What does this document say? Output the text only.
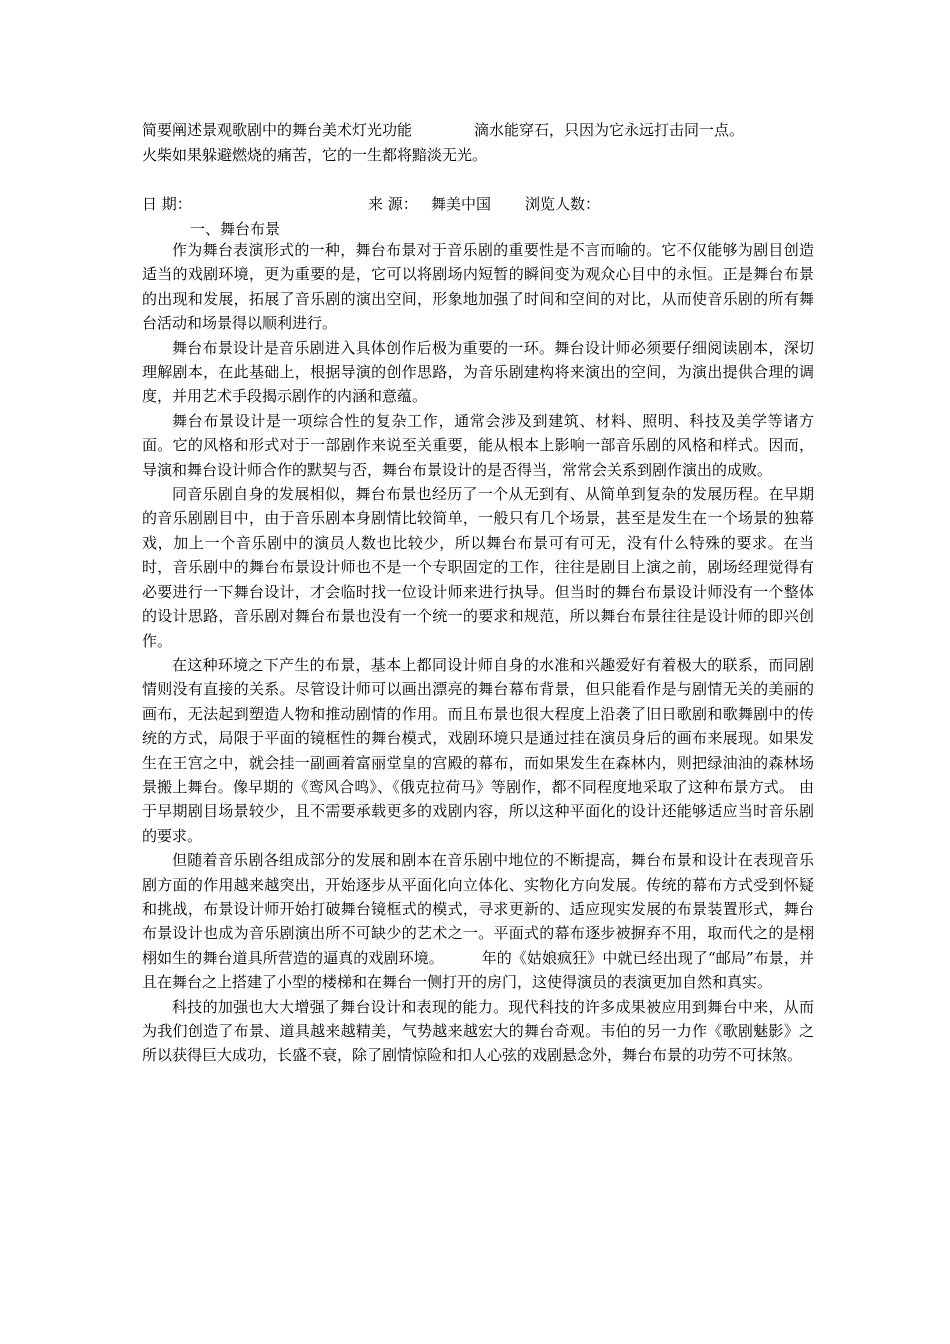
简要阐述景观歌剧中的舞台美术灯光功能	滴水能穿石，只因为它永远打击同一点。
火柴如果躲避燃烧的痛苦，它的一生都将黯淡无光。
日 期：	来 源： 舞美中国 浏览人数：
一、舞台布景

作为舞台表演形式的一种，舞台布景对于音乐剧的重要性是不言而喻的。它不仅能够为剧目创造适当的戏剧环境，更为重要的是，它可以将剧场内短暂的瞬间变为观众心目中的永恒。正是舞台布景的出现和发展，拓展了音乐剧的演出空间，形象地加强了时间和空间的对比，从而使音乐剧的所有舞台活动和场景得以顺利进行。

舞台布景设计是音乐剧进入具体创作后极为重要的一环。舞台设计师必须要仔细阅读剧本，深切理解剧本，在此基础上，根据导演的创作思路，为音乐剧建构将来演出的空间，为演出提供合理的调度，并用艺术手段揭示剧作的内涵和意蕴。

舞台布景设计是一项综合性的复杂工作，通常会涉及到建筑、材料、照明、科技及美学等诸方面。它的风格和形式对于一部剧作来说至关重要，能从根本上影响一部音乐剧的风格和样式。因而，导演和舞台设计师合作的默契与否，舞台布景设计的是否得当，常常会关系到剧作演出的成败。

同音乐剧自身的发展相似，舞台布景也经历了一个从无到有、从简单到复杂的发展历程。在早期的音乐剧剧目中，由于音乐剧本身剧情比较简单，一般只有几个场景，甚至是发生在一个场景的独幕戏，加上一个音乐剧中的演员人数也比较少，所以舞台布景可有可无，没有什么特殊的要求。在当时，音乐剧中的舞台布景设计师也不是一个专职固定的工作，往往是剧目上演之前，剧场经理觉得有必要进行一下舞台设计，才会临时找一位设计师来进行执导。但当时的舞台布景设计师没有一个整体的设计思路，音乐剧对舞台布景也没有一个统一的要求和规范，所以舞台布景往往是设计师的即兴创作。

在这种环境之下产生的布景，基本上都同设计师自身的水准和兴趣爱好有着极大的联系，而同剧情则没有直接的关系。尽管设计师可以画出漂亮的舞台幕布背景，但只能看作是与剧情无关的美丽的画布，无法起到塑造人物和推动剧情的作用。而且布景也很大程度上沿袭了旧日歌剧和歌舞剧中的传统的方式，局限于平面的镜框性的舞台模式，戏剧环境只是通过挂在演员身后的画布来展现。如果发生在王宫之中，就会挂一副画着富丽堂皇的宫殿的幕布，而如果发生在森林内，则把绿油油的森林场景搬上舞台。像早期的《鸾风合鸣》、《俄克拉荷马》等剧作，都不同程度地采取了这种布景方式。 由于早期剧目场景较少，且不需要承载更多的戏剧内容，所以这种平面化的设计还能够适应当时音乐剧的要求。

但随着音乐剧各组成部分的发展和剧本在音乐剧中地位的不断提高，舞台布景和设计在表现音乐剧方面的作用越来越突出，开始逐步从平面化向立体化、实物化方向发展。传统的幕布方式受到怀疑和挑战，布景设计师开始打破舞台镜框式的模式，寻求更新的、适应现实发展的布景装置形式，舞台布景设计也成为音乐剧演出所不可缺少的艺术之一。平面式的幕布逐步被摒弃不用，取而代之的是栩栩如生的舞台道具所营造的逼真的戏剧环境。　　　年的《姑娘疯狂》中就已经出现了“邮局”布景，并且在舞台之上搭建了小型的楼梯和在舞台一侧打开的房门，这使得演员的表演更加自然和真实。

科技的加强也大大增强了舞台设计和表现的能力。现代科技的许多成果被应用到舞台中来，从而为我们创造了布景、道具越来越精美，气势越来越宏大的舞台奇观。韦伯的另一力作《歌剧魅影》之所以获得巨大成功，长盛不衰，除了剧情惊险和扣人心弦的戏剧悬念外，舞台布景的功劳不可抹煞。
